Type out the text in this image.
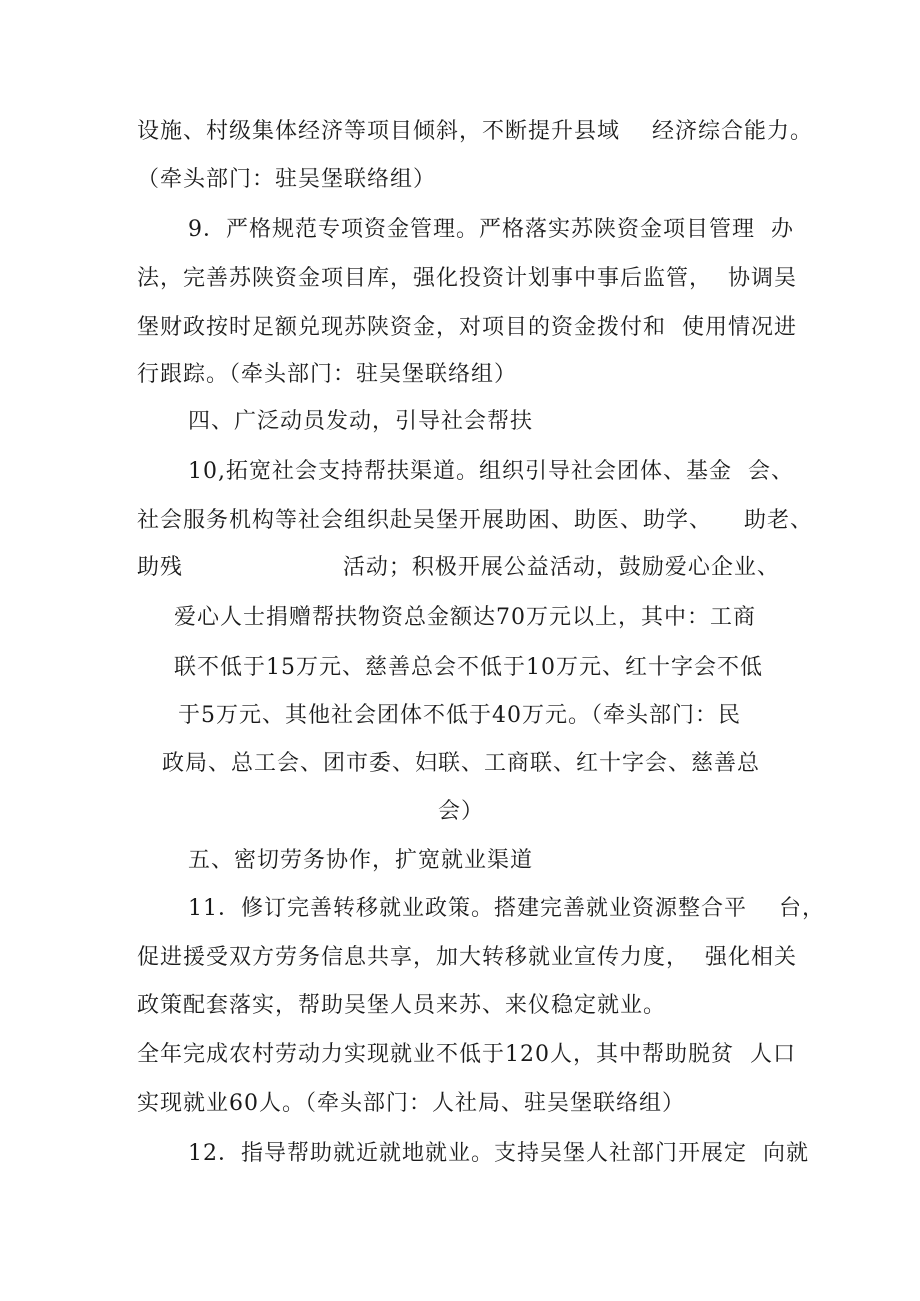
设施、村级集体经济等项目倾斜，不断提升县域    经济综合能力。
（牵头部门：驻吴堡联络组）
9．严格规范专项资金管理。严格落实苏陕资金项目管理  办
法，完善苏陕资金项目库，强化投资计划事中事后监管，  协调吴
堡财政按时足额兑现苏陕资金，对项目的资金拨付和  使用情况进
行跟踪。（牵头部门：驻吴堡联络组）
四、广泛动员发动，引导社会帮扶
10,拓宽社会支持帮扶渠道。组织引导社会团体、基金  会、
社会服务机构等社会组织赴吴堡开展助困、助医、助学、    助老、
助残                    活动；积极开展公益活动，鼓励爱心企业、
爱心人士捐赠帮扶物资总金额达70万元以上，其中：工商
联不低于15万元、慈善总会不低于10万元、红十字会不低
于5万元、其他社会团体不低于40万元。（牵头部门：民
政局、总工会、团市委、妇联、工商联、红十字会、慈善总
会）
五、密切劳务协作，扩宽就业渠道
11．修订完善转移就业政策。搭建完善就业资源整合平    台，
促进援受双方劳务信息共享，加大转移就业宣传力度，  强化相关
政策配套落实，帮助吴堡人员来苏、来仪稳定就业。
全年完成农村劳动力实现就业不低于120人，其中帮助脱贫  人口
实现就业60人。（牵头部门：人社局、驻吴堡联络组）
12．指导帮助就近就地就业。支持吴堡人社部门开展定  向就
